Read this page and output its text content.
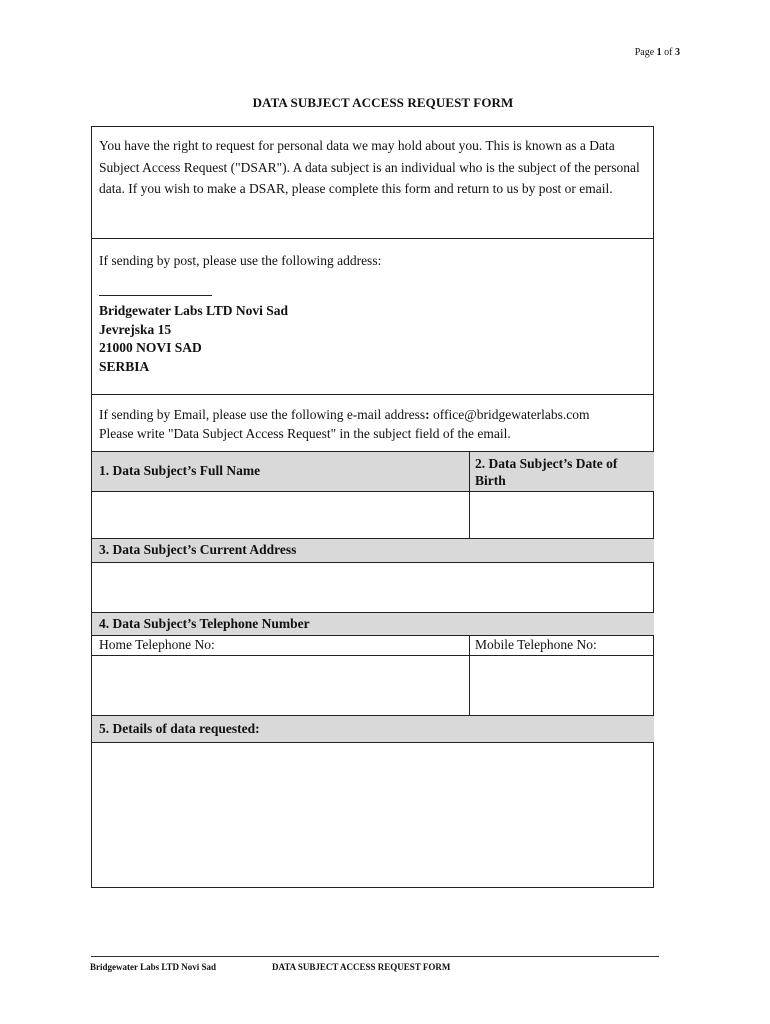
Page 1 of 3
DATA SUBJECT ACCESS REQUEST FORM
You have the right to request for personal data we may hold about you. This is known as a Data Subject Access Request ("DSAR"). A data subject is an individual who is the subject of the personal data. If you wish to make a DSAR, please complete this form and return to us by post or email.
If sending by post, please use the following address:
Bridgewater Labs LTD Novi Sad
Jevrejska 15
21000 NOVI SAD
SERBIA
If sending by Email, please use the following e-mail address: office@bridgewaterlabs.com
Please write "Data Subject Access Request" in the subject field of the email.
1. Data Subject’s Full Name	2. Data Subject’s Date of Birth
3. Data Subject’s Current Address
4. Data Subject’s Telephone Number
Home Telephone No:	Mobile Telephone No:
5. Details of data requested:
Bridgewater Labs LTD Novi Sad	DATA SUBJECT ACCESS REQUEST FORM
